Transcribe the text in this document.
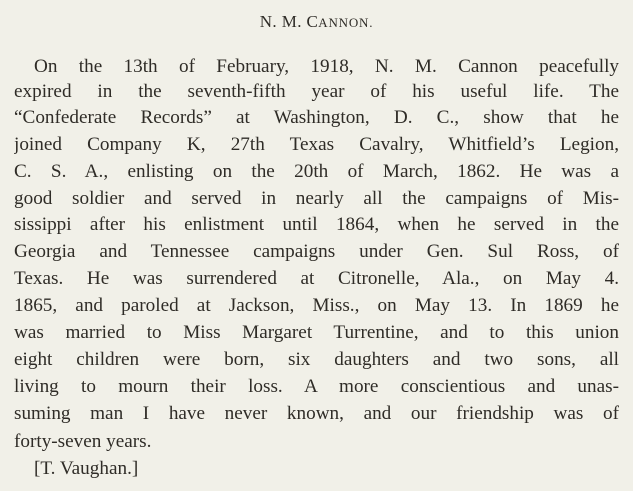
N. M. CANNON.
On the 13th of February, 1918, N. M. Cannon peacefully
expired in the seventh-fifth year of his useful life. The
“Confederate Records” at Washington, D. C., show that he
joined Company K, 27th Texas Cavalry, Whitfield’s Legion,
C. S. A., enlisting on the 20th of March, 1862. He was a
good soldier and served in nearly all the campaigns of Mis-
sissippi after his enlistment until 1864, when he served in the
Georgia and Tennessee campaigns under Gen. Sul Ross, of
Texas. He was surrendered at Citronelle, Ala., on May 4.
1865, and paroled at Jackson, Miss., on May 13. In 1869 he
was married to Miss Margaret Turrentine, and to this union
eight children were born, six daughters and two sons, all
living to mourn their loss. A more conscientious and unas-
suming man I have never known, and our friendship was of
forty-seven years.
[T. Vaughan.]
